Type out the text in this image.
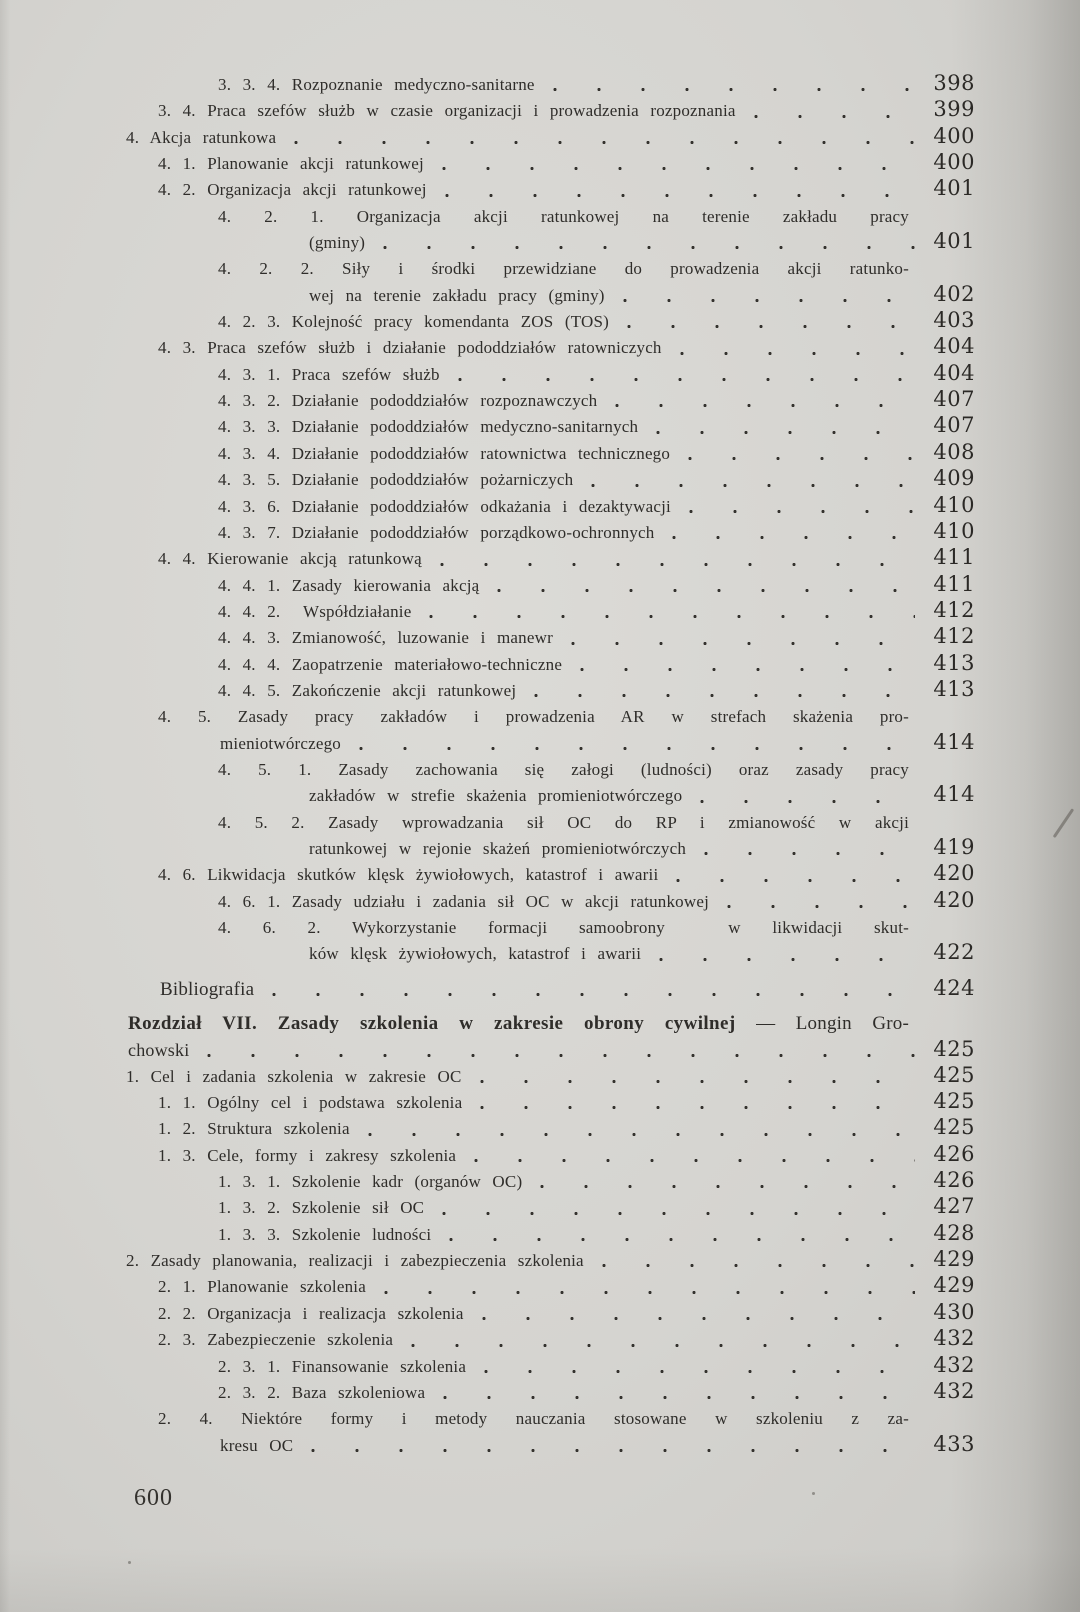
3. 3. 4. Rozpoznanie medyczno-sanitarne	398
3. 4. Praca szefów służb w czasie organizacji i prowadzenia rozpoznania	399
4. Akcja ratunkowa	400
4. 1. Planowanie akcji ratunkowej	400
4. 2. Organizacja akcji ratunkowej	401
4. 2. 1. Organizacja akcji ratunkowej na terenie zakładu pracy
(gminy)	401
4. 2. 2. Siły i środki przewidziane do prowadzenia akcji ratunko-
wej na terenie zakładu pracy (gminy)	402
4. 2. 3. Kolejność pracy komendanta ZOS (TOS)	403
4. 3. Praca szefów służb i działanie pododdziałów ratowniczych	404
4. 3. 1. Praca szefów służb	404
4. 3. 2. Działanie pododdziałów rozpoznawczych	407
4. 3. 3. Działanie pododdziałów medyczno-sanitarnych	407
4. 3. 4. Działanie pododdziałów ratownictwa technicznego	408
4. 3. 5. Działanie pododdziałów pożarniczych	409
4. 3. 6. Działanie pododdziałów odkażania i dezaktywacji	410
4. 3. 7. Działanie pododdziałów porządkowo-ochronnych	410
4. 4. Kierowanie akcją ratunkową	411
4. 4. 1. Zasady kierowania akcją	411
4. 4. 2.  Współdziałanie	412
4. 4. 3. Zmianowość, luzowanie i manewr	412
4. 4. 4. Zaopatrzenie materiałowo-techniczne	413
4. 4. 5. Zakończenie akcji ratunkowej	413
4. 5. Zasady pracy zakładów i prowadzenia AR w strefach skażenia pro-
mieniotwórczego	414
4. 5. 1. Zasady zachowania się załogi (ludności) oraz zasady pracy
zakładów w strefie skażenia promieniotwórczego	414
4. 5. 2. Zasady wprowadzania sił OC do RP i zmianowość w akcji
ratunkowej w rejonie skażeń promieniotwórczych	419
4. 6. Likwidacja skutków klęsk żywiołowych, katastrof i awarii	420
4. 6. 1. Zasady udziału i zadania sił OC w akcji ratunkowej	420
4. 6. 2. Wykorzystanie formacji samoobrony  w likwidacji skut-
ków klęsk żywiołowych, katastrof i awarii	422
Bibliografia	424
Rozdział VII. Zasady szkolenia w zakresie obrony cywilnej — Longin Gro-
chowski	425
1. Cel i zadania szkolenia w zakresie OC	425
1. 1. Ogólny cel i podstawa szkolenia	425
1. 2. Struktura szkolenia	425
1. 3. Cele, formy i zakresy szkolenia	426
1. 3. 1. Szkolenie kadr (organów OC)	426
1. 3. 2. Szkolenie sił OC	427
1. 3. 3. Szkolenie ludności	428
2. Zasady planowania, realizacji i zabezpieczenia szkolenia	429
2. 1. Planowanie szkolenia	429
2. 2. Organizacja i realizacja szkolenia	430
2. 3. Zabezpieczenie szkolenia	432
2. 3. 1. Finansowanie szkolenia	432
2. 3. 2. Baza szkoleniowa	432
2. 4. Niektóre formy i metody nauczania stosowane w szkoleniu z za-
kresu OC	433
600
